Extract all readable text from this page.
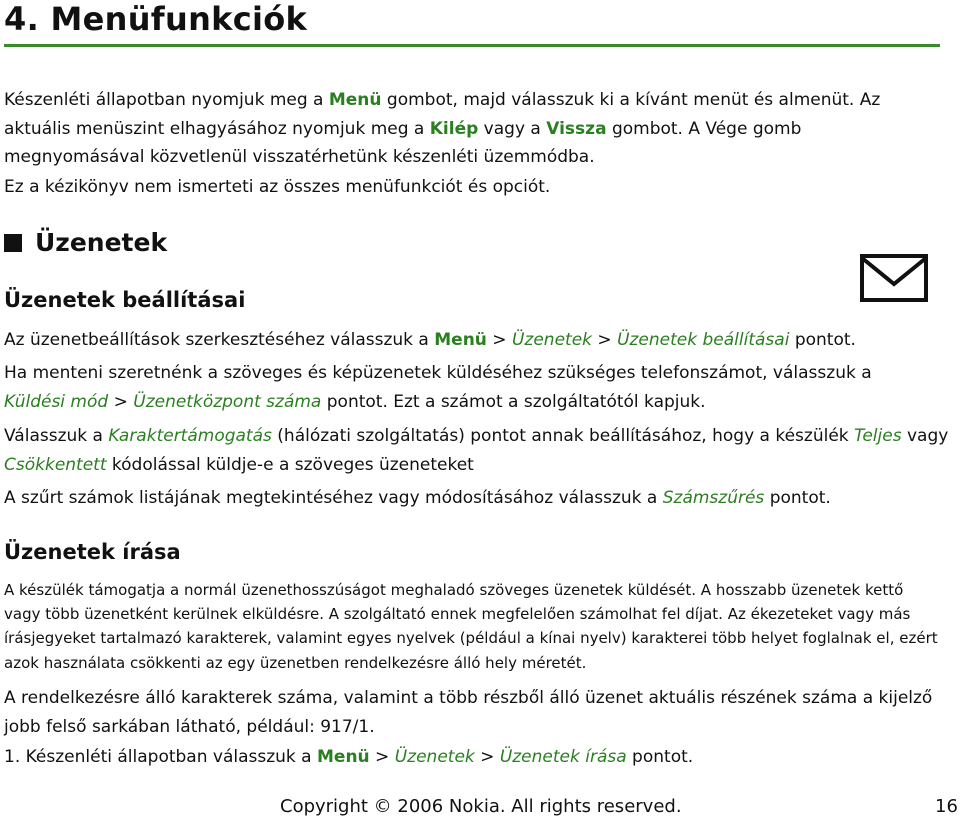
4. Menüfunkciók

Készenléti állapotban nyomjuk meg a Menü gombot, majd válasszuk ki a kívánt menüt és almenüt. Az aktuális menüszint elhagyásához nyomjuk meg a Kilép vagy a Vissza gombot. A Vége gomb megnyomásával közvetlenül visszatérhetünk készenléti üzemmódba.

Ez a kézikönyv nem ismerteti az összes menüfunkciót és opciót.

Üzenetek
Üzenetek beállításai

Az üzenetbeállítások szerkesztéséhez válasszuk a Menü > Üzenetek > Üzenetek beállításai pontot.

Ha menteni szeretnénk a szöveges és képüzenetek küldéséhez szükséges telefonszámot, válasszuk a Küldési mód > Üzenetközpont száma pontot. Ezt a számot a szolgáltatótól kapjuk.

Válasszuk a Karaktertámogatás (hálózati szolgáltatás) pontot annak beállításához, hogy a készülék Teljes vagy Csökkentett kódolással küldje-e a szöveges üzeneteket

A szűrt számok listájának megtekintéséhez vagy módosításához válasszuk a Számszűrés pontot.

Üzenetek írása

A készülék támogatja a normál üzenethosszúságot meghaladó szöveges üzenetek küldését. A hosszabb üzenetek kettő vagy több üzenetként kerülnek elküldésre. A szolgáltató ennek megfelelően számolhat fel díjat. Az ékezeteket vagy más írásjegyeket tartalmazó karakterek, valamint egyes nyelvek (például a kínai nyelv) karakterei több helyet foglalnak el, ezért azok használata csökkenti az egy üzenetben rendelkezésre álló hely méretét.

A rendelkezésre álló karakterek száma, valamint a több részből álló üzenet aktuális részének száma a kijelző jobb felső sarkában látható, például: 917/1.

1. Készenléti állapotban válasszuk a Menü > Üzenetek > Üzenetek írása pontot.

Copyright © 2006 Nokia. All rights reserved.	16
